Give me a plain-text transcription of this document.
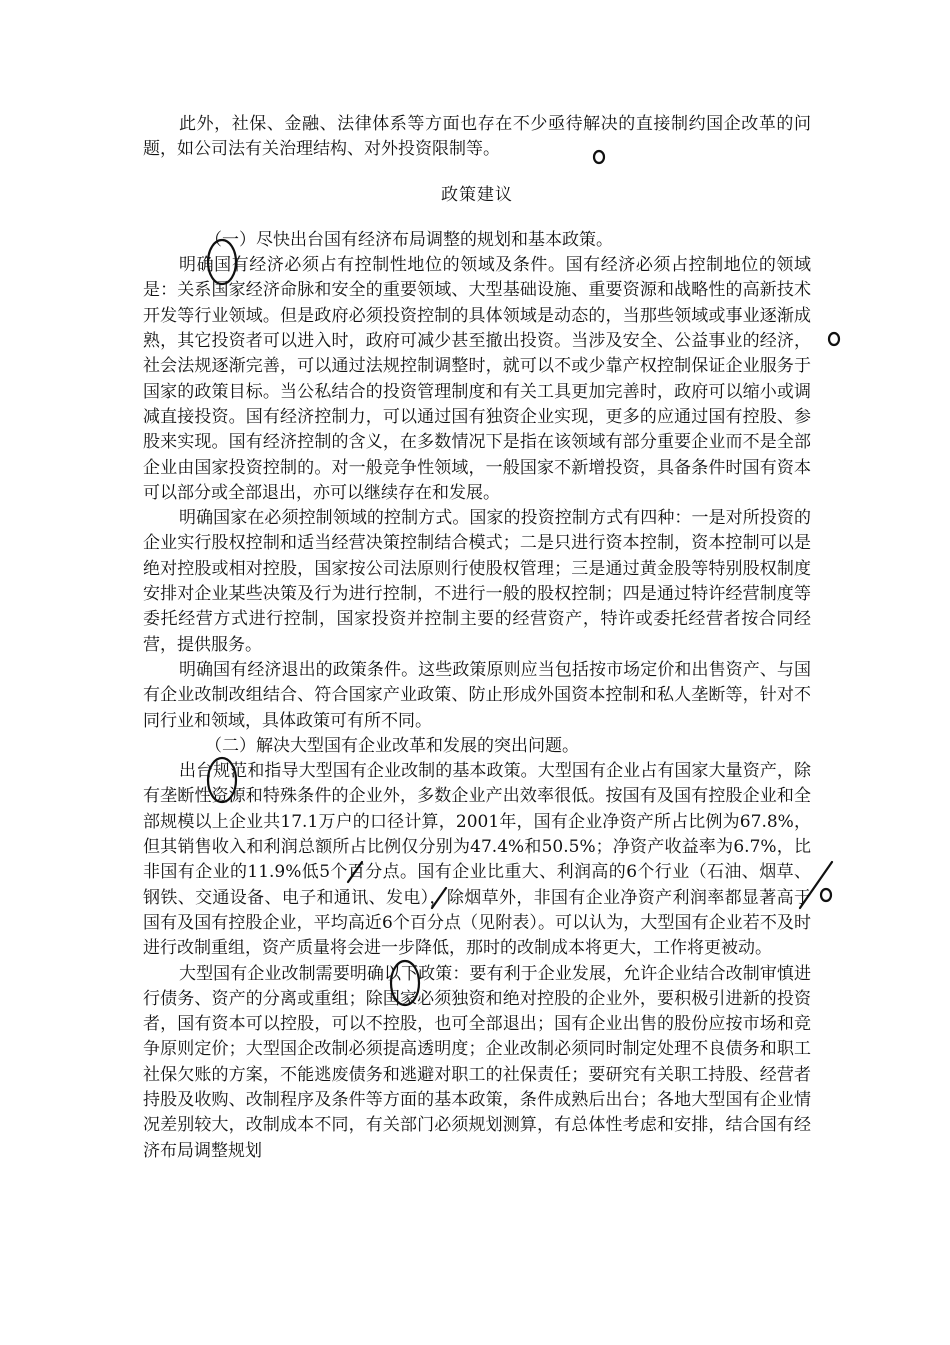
此外，社保、金融、法律体系等方面也存在不少亟待解决的直接制约国企改革的问题，如公司法有关治理结构、对外投资限制等。

政策建议

（一）尽快出台国有经济布局调整的规划和基本政策。

明确国有经济必须占有控制性地位的领域及条件。国有经济必须占控制地位的领域是：关系国家经济命脉和安全的重要领域、大型基础设施、重要资源和战略性的高新技术开发等行业领域。但是政府必须投资控制的具体领域是动态的，当那些领域或事业逐渐成熟，其它投资者可以进入时，政府可减少甚至撤出投资。当涉及安全、公益事业的经济，社会法规逐渐完善，可以通过法规控制调整时，就可以不或少靠产权控制保证企业服务于国家的政策目标。当公私结合的投资管理制度和有关工具更加完善时，政府可以缩小或调减直接投资。国有经济控制力，可以通过国有独资企业实现，更多的应通过国有控股、参股来实现。国有经济控制的含义，在多数情况下是指在该领域有部分重要企业而不是全部企业由国家投资控制的。对一般竞争性领域，一般国家不新增投资，具备条件时国有资本可以部分或全部退出，亦可以继续存在和发展。

明确国家在必须控制领域的控制方式。国家的投资控制方式有四种：一是对所投资的企业实行股权控制和适当经营决策控制结合模式；二是只进行资本控制，资本控制可以是绝对控股或相对控股，国家按公司法原则行使股权管理；三是通过黄金股等特别股权制度安排对企业某些决策及行为进行控制，不进行一般的股权控制；四是通过特许经营制度等委托经营方式进行控制，国家投资并控制主要的经营资产，特许或委托经营者按合同经营，提供服务。

明确国有经济退出的政策条件。这些政策原则应当包括按市场定价和出售资产、与国有企业改制改组结合、符合国家产业政策、防止形成外国资本控制和私人垄断等，针对不同行业和领域，具体政策可有所不同。

（二）解决大型国有企业改革和发展的突出问题。

出台规范和指导大型国有企业改制的基本政策。大型国有企业占有国家大量资产，除有垄断性资源和特殊条件的企业外，多数企业产出效率很低。按国有及国有控股企业和全部规模以上企业共17.1万户的口径计算，2001年，国有企业净资产所占比例为67.8%，但其销售收入和利润总额所占比例仅分别为47.4%和50.5%；净资产收益率为6.7%，比非国有企业的11.9%低5个百分点。国有企业比重大、利润高的6个行业（石油、烟草、钢铁、交通设备、电子和通讯、发电），除烟草外，非国有企业净资产利润率都显著高于国有及国有控股企业，平均高近6个百分点（见附表）。可以认为，大型国有企业若不及时进行改制重组，资产质量将会进一步降低，那时的改制成本将更大，工作将更被动。

大型国有企业改制需要明确以下政策：要有利于企业发展，允许企业结合改制审慎进行债务、资产的分离或重组；除国家必须独资和绝对控股的企业外，要积极引进新的投资者，国有资本可以控股，可以不控股，也可全部退出；国有企业出售的股份应按市场和竞争原则定价；大型国企改制必须提高透明度；企业改制必须同时制定处理不良债务和职工社保欠账的方案，不能逃废债务和逃避对职工的社保责任；要研究有关职工持股、经营者持股及收购、改制程序及条件等方面的基本政策，条件成熟后出台；各地大型国有企业情况差别较大，改制成本不同，有关部门必须规划测算，有总体性考虑和安排，结合国有经济布局调整规划
